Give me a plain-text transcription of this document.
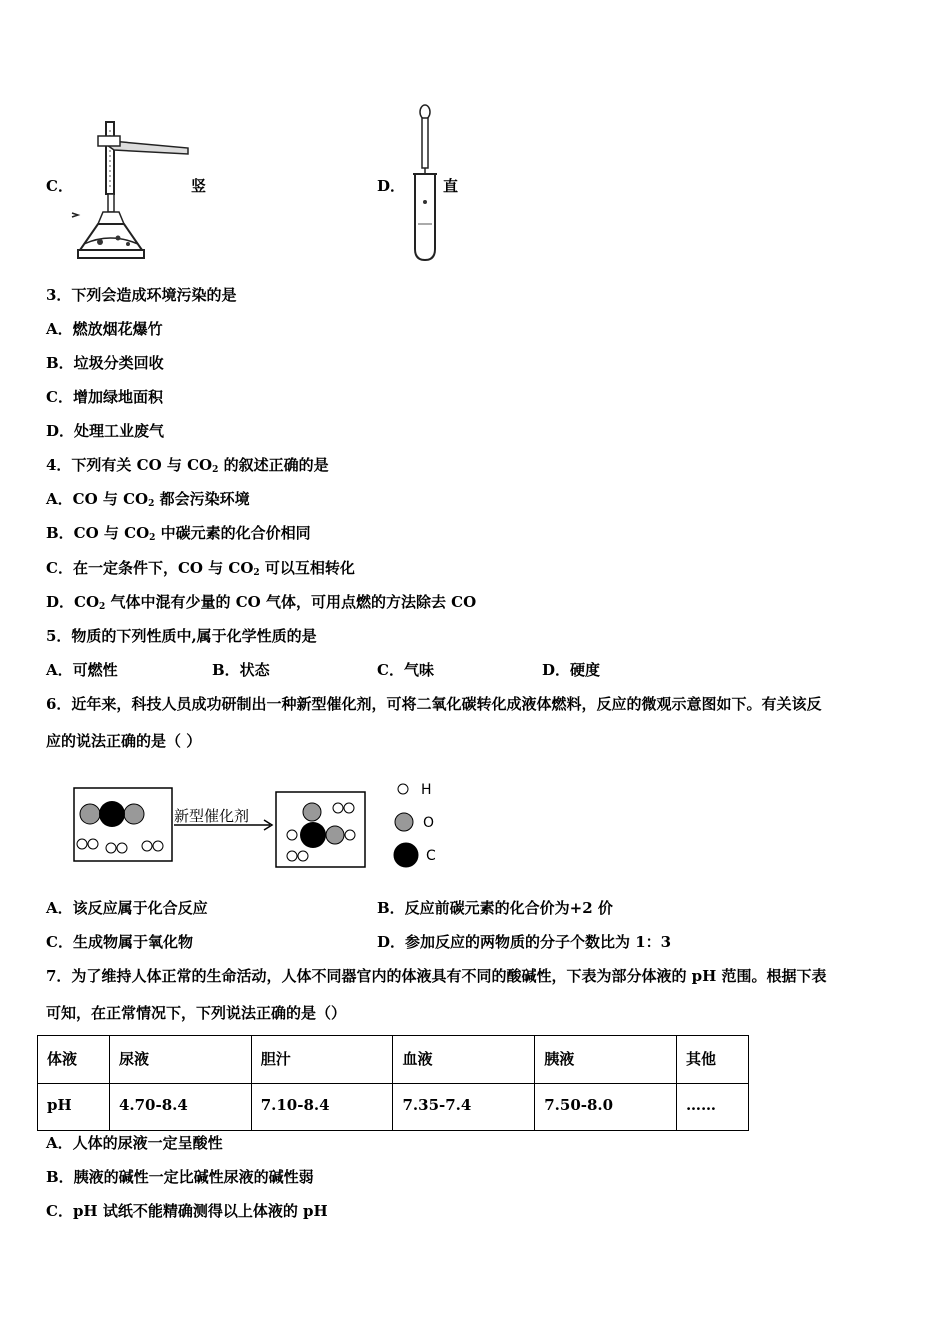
C．	竖	D．	直
3．下列会造成环境污染的是
A．燃放烟花爆竹
B．垃圾分类回收
C．增加绿地面积
D．处理工业废气
4．下列有关 CO 与 $CO_2$ 的叙述正确的是
A．CO 与 $CO_2$ 都会污染环境
B．CO 与 $CO_2$ 中碳元素的化合价相同
C．在一定条件下，CO 与 $CO_2$ 可以互相转化
D．$CO_2$ 气体中混有少量的 CO 气体，可用点燃的方法除去 CO
5．物质的下列性质中,属于化学性质的是
A．可燃性	B．状态	C．气味	D．硬度
6．近年来，科技人员成功研制出一种新型催化剂，可将二氧化碳转化成液体燃料，反应的微观示意图如下。有关该反
应的说法正确的是（ ）
新型催化剂
H
O
C
A．该反应属于化合反应	B．反应前碳元素的化合价为+2 价
C．生成物属于氧化物	D．参加反应的两物质的分子个数比为 1：3
7．为了维持人体正常的生命活动，人体不同器官内的体液具有不同的酸碱性，下表为部分体液的 pH 范围。根据下表
可知，在正常情况下，下列说法正确的是（）
体液	尿液	胆汁	血液	胰液	其他
pH	4.70-8.4	7.10-8.4	7.35-7.4	7.50-8.0	……
A．人体的尿液一定呈酸性
B．胰液的碱性一定比碱性尿液的碱性弱
C．pH 试纸不能精确测得以上体液的 pH
